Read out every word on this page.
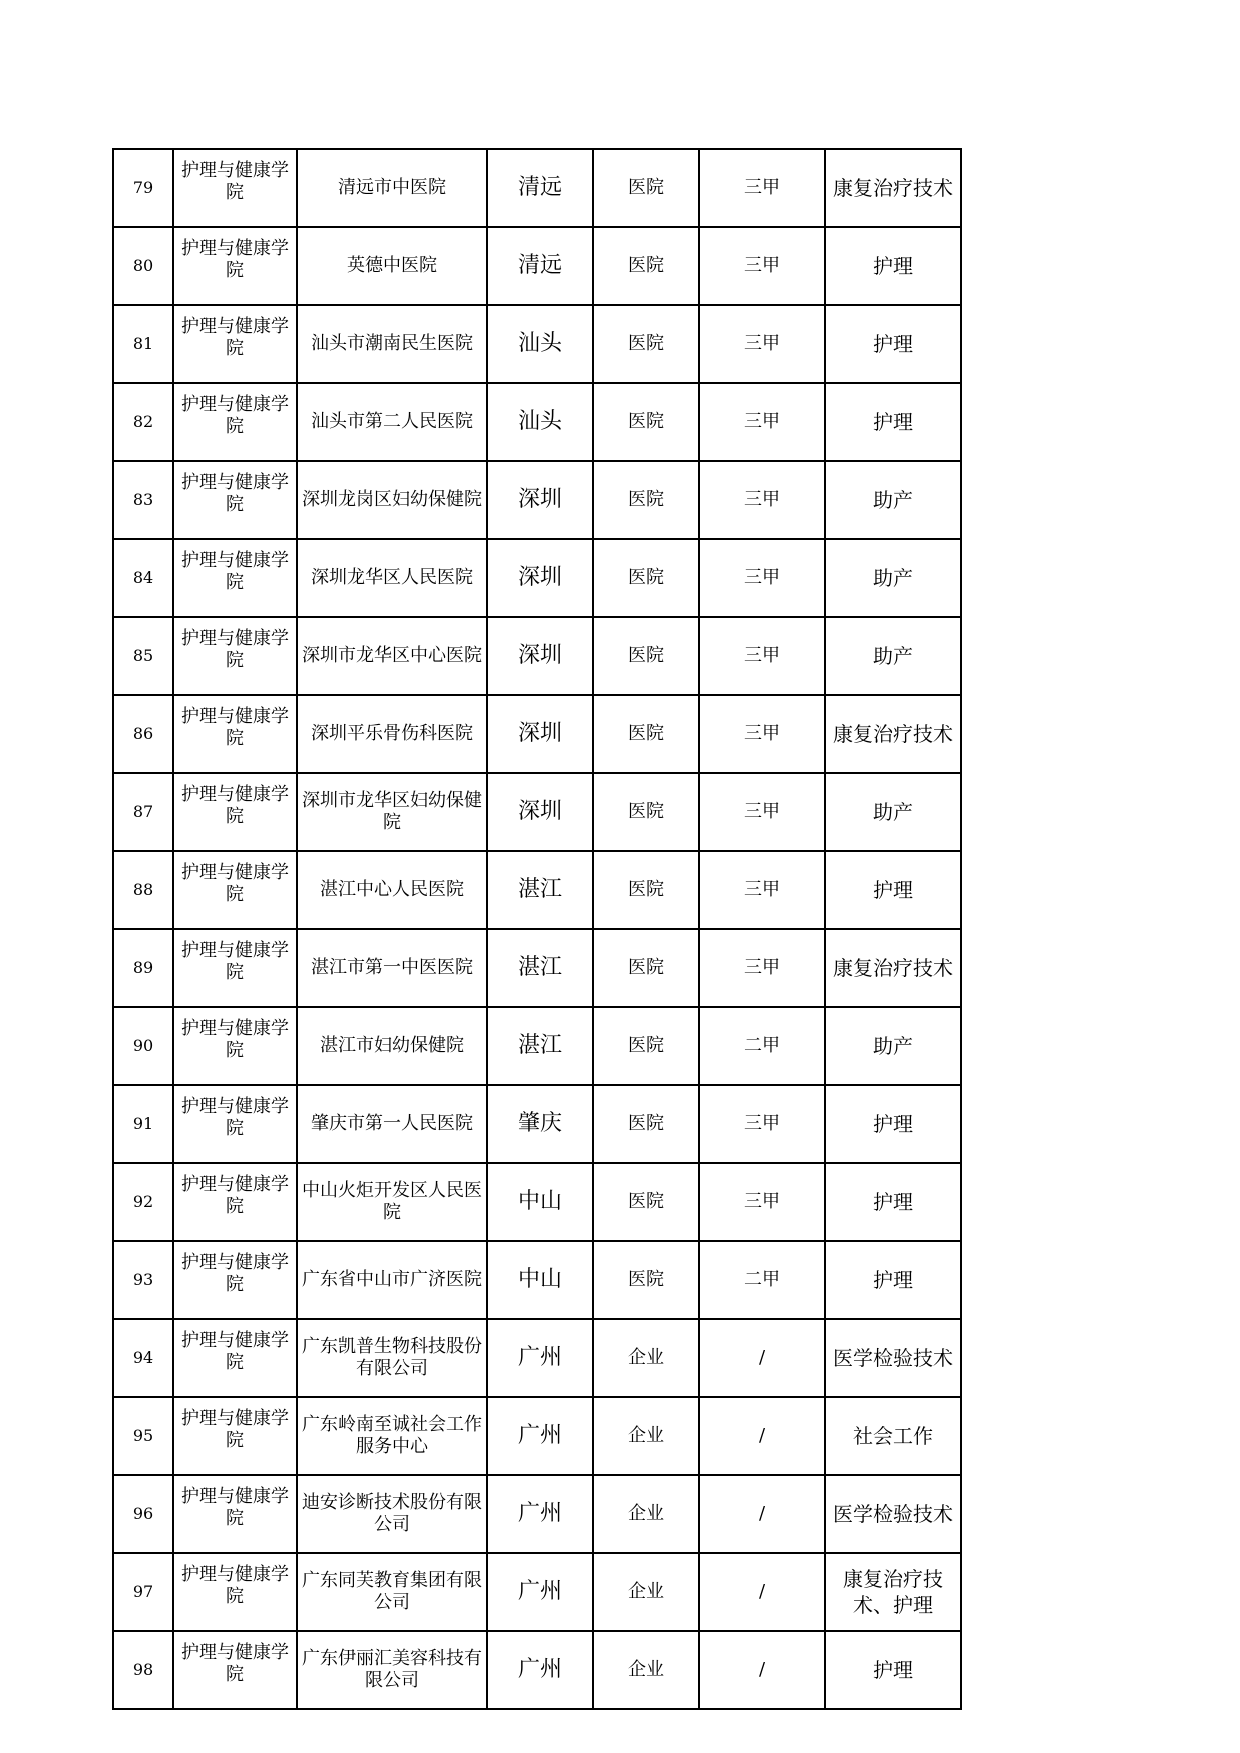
79	护理与健康学院	清远市中医院	清远	医院	三甲	康复治疗技术
80	护理与健康学院	英德中医院	清远	医院	三甲	护理
81	护理与健康学院	汕头市潮南民生医院	汕头	医院	三甲	护理
82	护理与健康学院	汕头市第二人民医院	汕头	医院	三甲	护理
83	护理与健康学院	深圳龙岗区妇幼保健院	深圳	医院	三甲	助产
84	护理与健康学院	深圳龙华区人民医院	深圳	医院	三甲	助产
85	护理与健康学院	深圳市龙华区中心医院	深圳	医院	三甲	助产
86	护理与健康学院	深圳平乐骨伤科医院	深圳	医院	三甲	康复治疗技术
87	护理与健康学院	深圳市龙华区妇幼保健院	深圳	医院	三甲	助产
88	护理与健康学院	湛江中心人民医院	湛江	医院	三甲	护理
89	护理与健康学院	湛江市第一中医医院	湛江	医院	三甲	康复治疗技术
90	护理与健康学院	湛江市妇幼保健院	湛江	医院	二甲	助产
91	护理与健康学院	肇庆市第一人民医院	肇庆	医院	三甲	护理
92	护理与健康学院	中山火炬开发区人民医院	中山	医院	三甲	护理
93	护理与健康学院	广东省中山市广济医院	中山	医院	二甲	护理
94	护理与健康学院	广东凯普生物科技股份有限公司	广州	企业	/	医学检验技术
95	护理与健康学院	广东岭南至诚社会工作服务中心	广州	企业	/	社会工作
96	护理与健康学院	迪安诊断技术股份有限公司	广州	企业	/	医学检验技术
97	护理与健康学院	广东同芙教育集团有限公司	广州	企业	/	康复治疗技术、护理
98	护理与健康学院	广东伊丽汇美容科技有限公司	广州	企业	/	护理
